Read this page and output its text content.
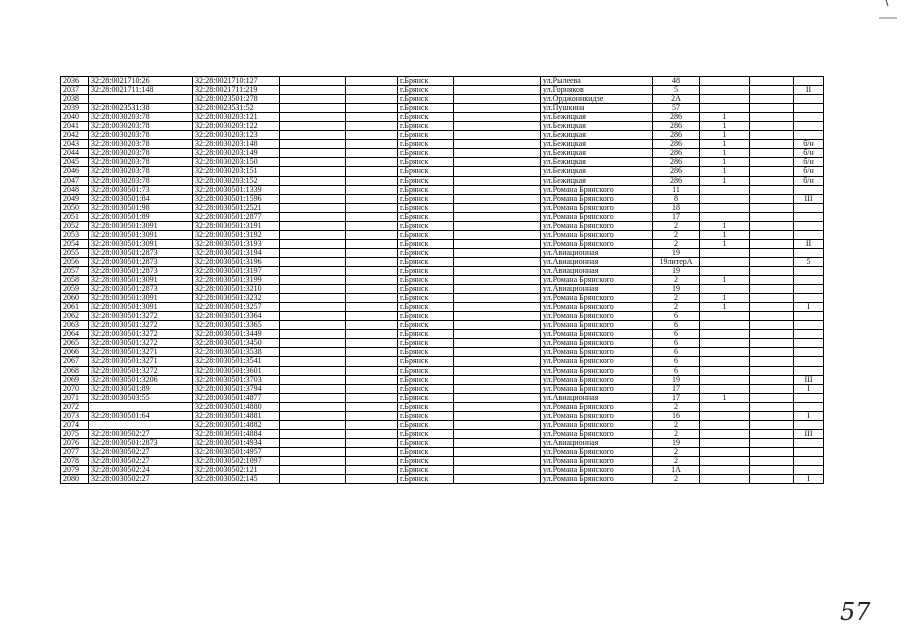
2036	32:28:0021710:26	32:28:0021710:127			г.Брянск		ул.Рылеева	48			
2037	32:28:0021711:148	32:28:0021711:219			г.Брянск		ул.Горняков	5			II
2038		32:28:0023501:278			г.Брянск		ул.Орджоникидзе	2А			
2039	32:28:0023531:38	32:28:0023531:52			г.Брянск		ул.Пушкина	57			
2040	32:28:0030203:78	32:28:0030203:121			г.Брянск		ул.Бежицкая	286	1		
2041	32:28:0030203:78	32:28:0030203:122			г.Брянск		ул.Бежицкая	286	1		
2042	32:28:0030203:78	32:28:0030203:123			г.Брянск		ул.Бежицкая	286	1		
2043	32:28:0030203:78	32:28:0030203:148			г.Брянск		ул.Бежицкая	286	1		б/н
2044	32:28:0030203:78	32:28:0030203:149			г.Брянск		ул.Бежицкая	286	1		б/н
2045	32:28:0030203:78	32:28:0030203:150			г.Брянск		ул.Бежицкая	286	1		б/н
2046	32:28:0030203:78	32:28:0030203:151			г.Брянск		ул.Бежицкая	286	1		б/н
2047	32:28:0030203:78	32:28:0030203:152			г.Брянск		ул.Бежицкая	286	1		б/н
2048	32:28:0030501:73	32:28:0030501:1339			г.Брянск		ул.Романа Брянского	11			
2049	32:28:0030501:84	32:28:0030501:1596			г.Брянск		ул.Романа Брянского	8			III
2050	32:28:0030501:98	32:28:0030501:2521			г.Брянск		ул.Романа Брянского	18			
2051	32:28:0030501:89	32:28:0030501:2877			г.Брянск		ул.Романа Брянского	17			
2052	32:28:0030501:3091	32:28:0030501:3191			г.Брянск		ул.Романа Брянского	2	1		
2053	32:28:0030501:3091	32:28:0030501:3192			г.Брянск		ул.Романа Брянского	2	1		
2054	32:28:0030501:3091	32:28:0030501:3193			г.Брянск		ул.Романа Брянского	2	1		II
2055	32:28:0030501:2873	32:28:0030501:3194			г.Брянск		ул.Авиационная	19			
2056	32:28:0030501:2873	32:28:0030501:3196			г.Брянск		ул.Авиационная	19литерА			5
2057	32:28:0030501:2873	32:28:0030501:3197			г.Брянск		ул.Авиационная	19			
2058	32:28:0030501:3091	32:28:0030501:3199			г.Брянск		ул.Романа Брянского	2	1		
2059	32:28:0030501:2873	32:28:0030501:3210			г.Брянск		ул.Авиационная	19			
2060	32:28:0030501:3091	32:28:0030501:3232			г.Брянск		ул.Романа Брянского	2	1		
2061	32:28:0030501:3091	32:28:0030501:3257			г.Брянск		ул.Романа Брянского	2	1		I
2062	32:28:0030501:3272	32:28:0030501:3364			г.Брянск		ул.Романа Брянского	6			
2063	32:28:0030501:3272	32:28:0030501:3365			г.Брянск		ул.Романа Брянского	6			
2064	32:28:0030501:3272	32:28:0030501:3449			г.Брянск		ул.Романа Брянского	6			
2065	32:28:0030501:3272	32:28:0030501:3450			г.Брянск		ул.Романа Брянского	6			
2066	32:28:0030501:3271	32:28:0030501:3538			г.Брянск		ул.Романа Брянского	6			
2067	32:28:0030501:3271	32:28:0030501:3541			г.Брянск		ул.Романа Брянского	6			
2068	32:28:0030501:3272	32:28:0030501:3601			г.Брянск		ул.Романа Брянского	6			
2069	32:28:0030501:3206	32:28:0030501:3703			г.Брянск		ул.Романа Брянского	19			III
2070	32:28:0030501:89	32:28:0030501:3794			г.Брянск		ул.Романа Брянского	17			I
2071	32:28:0030503:55	32:28:0030501:4877			г.Брянск		ул.Авиационная	17	1		
2072		32:28:0030501:4880			г.Брянск		ул.Романа Брянского	2			
2073	32:28:0030501:64	32:28:0030501:4881			г.Брянск		ул.Романа Брянского	16			I
2074		32:28:0030501:4882			г.Брянск		ул.Романа Брянского	2			
2075	32:28:0030502:27	32:28:0030501:4884			г.Брянск		ул.Романа Брянского	2			III
2076	32:28:0030501:2873	32:28:0030501:4934			г.Брянск		ул.Авиационная	19			
2077	32:28:0030502:27	32:28:0030501:4957			г.Брянск		ул.Романа Брянского	2			
2078	32:28:0030502:27	32:28:0030502:1097			г.Брянск		ул.Романа Брянского	2			
2079	32:28:0030502:24	32:28:0030502:121			г.Брянск		ул.Романа Брянского	1А			
2080	32:28:0030502:27	32:28:0030502:145			г.Брянск		ул.Романа Брянского	2			I
57
